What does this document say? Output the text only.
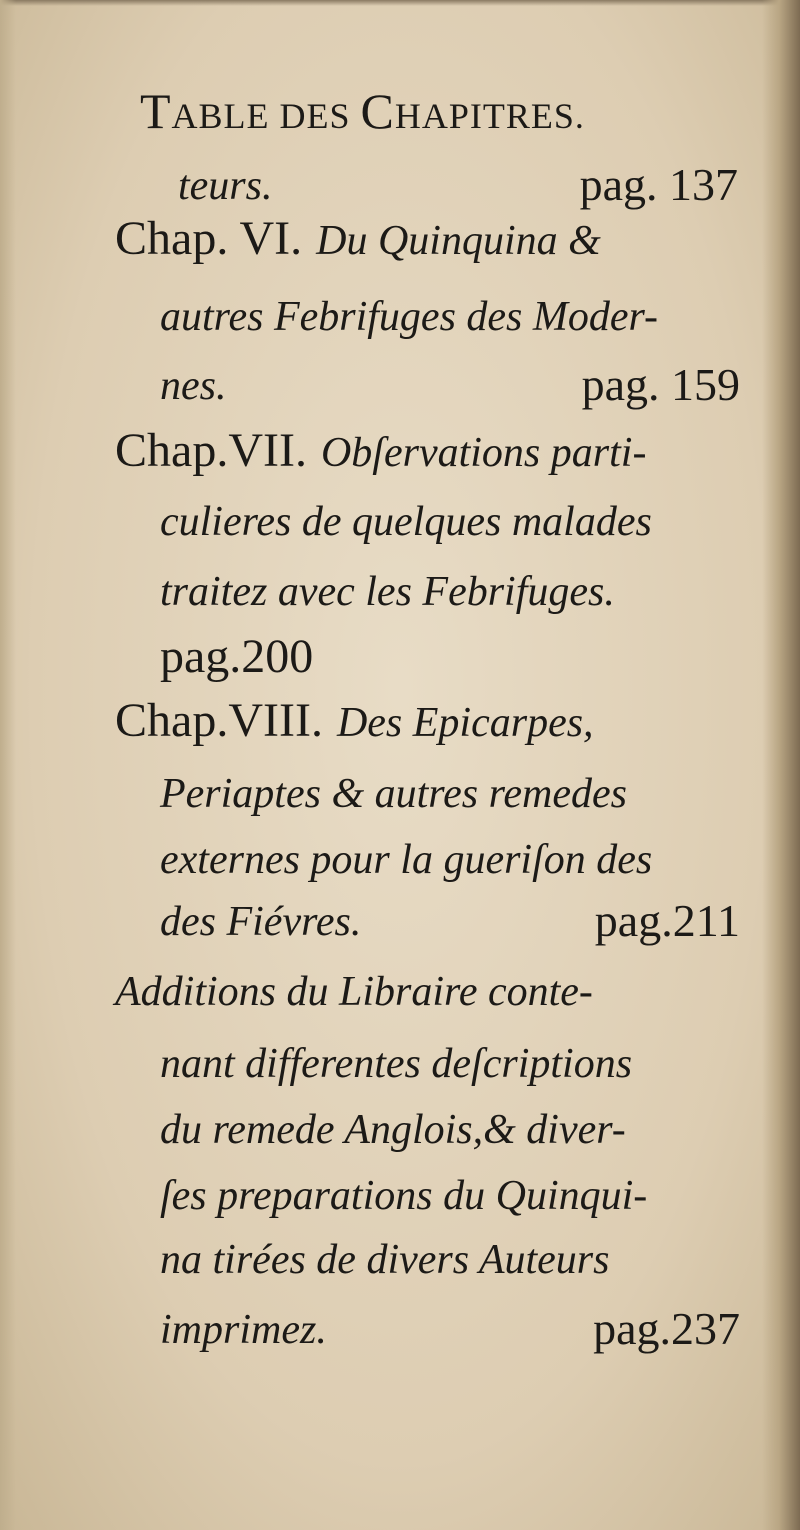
TABLE DES CHAPITRES.
teurs.	pag. 137
Chap. VI. Du Quinquina &
autres Febrifuges des Moder-
nes.	pag. 159
Chap.VII. Obſervations parti-
culieres de quelques malades
traitez avec les Febrifuges.
pag.200
Chap.VIII. Des Epicarpes,
Periaptes & autres remedes
externes pour la gueriſon des
des Fiévres.	pag.211
Additions du Libraire conte-
nant differentes deſcriptions
du remede Anglois,& diver-
ſes preparations du Quinqui-
na tirées de divers Auteurs
imprimez.	pag.237
